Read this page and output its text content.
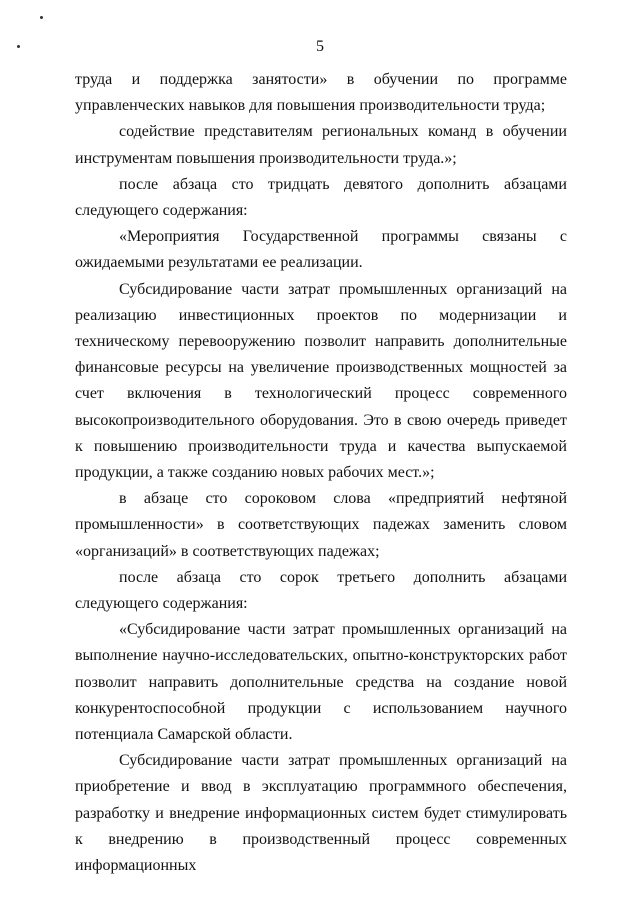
5

труда и поддержка занятости» в обучении по программе управленческих навыков для повышения производительности труда;

содействие представителям региональных команд в обучении инструментам повышения производительности труда.»;

после абзаца сто тридцать девятого дополнить абзацами следующего содержания:

«Мероприятия Государственной программы связаны с ожидаемыми результатами ее реализации.

Субсидирование части затрат промышленных организаций на реализацию инвестиционных проектов по модернизации и техническому перевооружению позволит направить дополнительные финансовые ресурсы на увеличение производственных мощностей за счет включения в технологический процесс современного высокопроизводительного оборудования. Это в свою очередь приведет к повышению производительности труда и качества выпускаемой продукции, а также созданию новых рабочих мест.»;

в абзаце сто сороковом слова «предприятий нефтяной промышленности» в соответствующих падежах заменить словом «организаций» в соответствующих падежах;

после абзаца сто сорок третьего дополнить абзацами следующего содержания:

«Субсидирование части затрат промышленных организаций на выполнение научно-исследовательских, опытно-конструкторских работ позволит направить дополнительные средства на создание новой конкурентоспособной продукции с использованием научного потенциала Самарской области.

Субсидирование части затрат промышленных организаций на приобретение и ввод в эксплуатацию программного обеспечения, разработку и внедрение информационных систем будет стимулировать к внедрению в производственный процесс современных информационных
